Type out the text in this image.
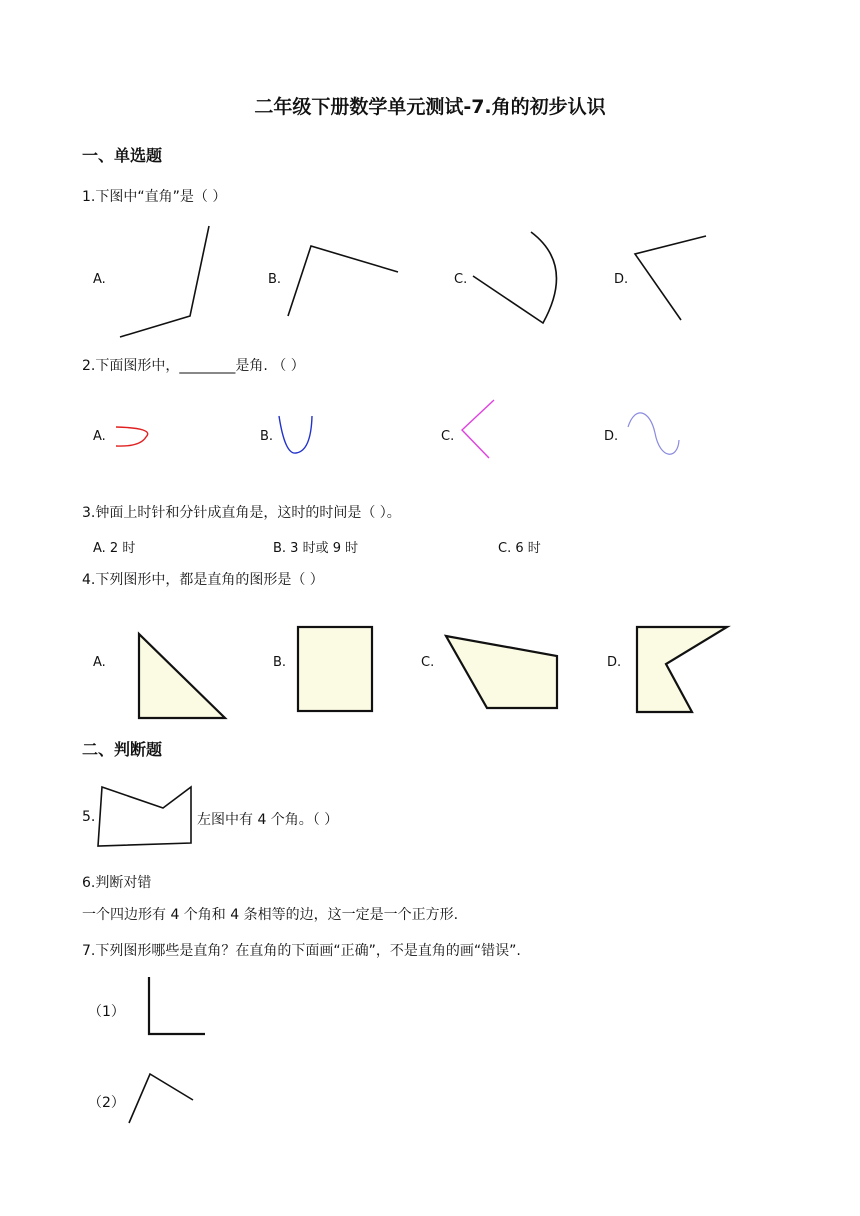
二年级下册数学单元测试-7.角的初步认识
一、单选题
1.下图中“直角”是（ ）
A.	B.	C.	D.
2.下面图形中，________是角. （ ）
A.	B.	C.	D.
3.钟面上时针和分针成直角是，这时的时间是（ ）。
A. 2 时	B. 3 时或 9 时	C. 6 时
4.下列图形中，都是直角的图形是（ ）
A.	B.	C.	D.
二、判断题
5.	左图中有 4 个角。（ ）
6.判断对错
一个四边形有 4 个角和 4 条相等的边，这一定是一个正方形.
7.下列图形哪些是直角？在直角的下面画“正确”，不是直角的画“错误”.
（1）
（2）
